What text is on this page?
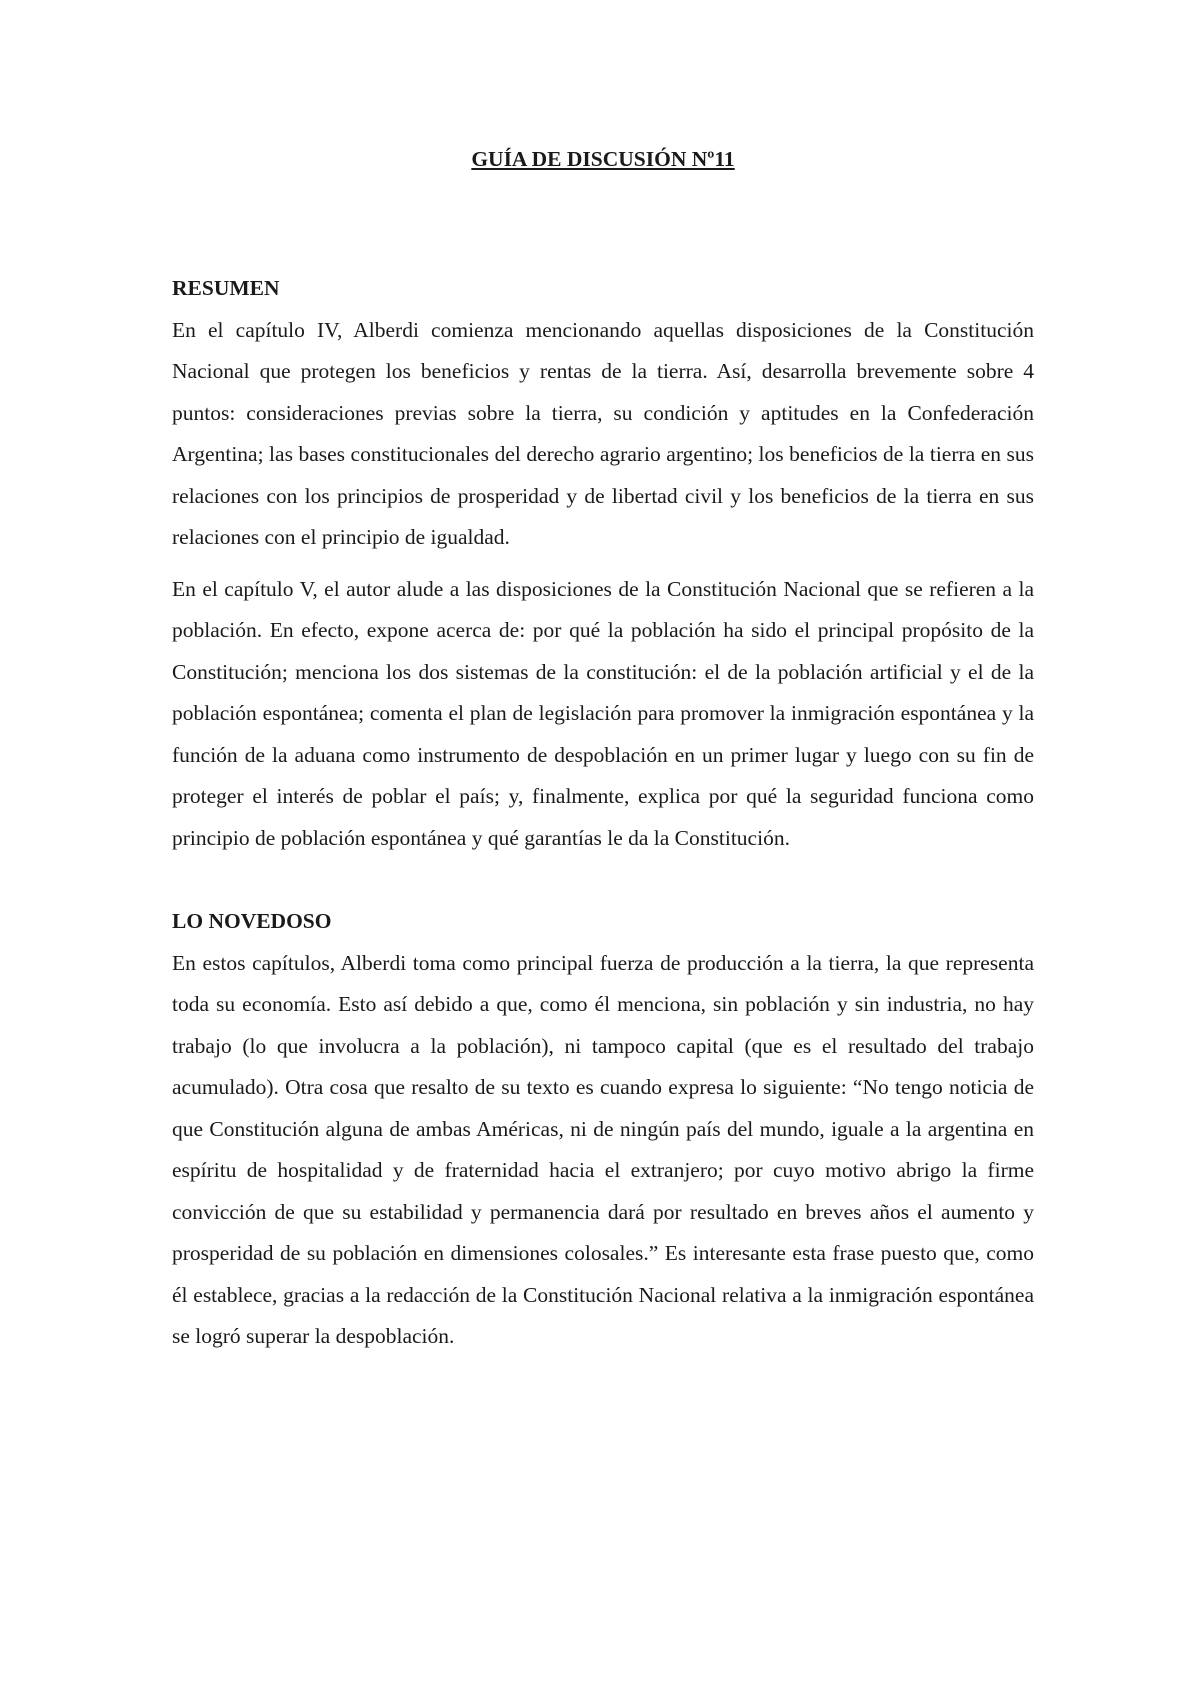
GUÍA DE DISCUSIÓN Nº11
RESUMEN

En el capítulo IV, Alberdi comienza mencionando aquellas disposiciones de la Constitución Nacional que protegen los beneficios y rentas de la tierra. Así, desarrolla brevemente sobre 4 puntos: consideraciones previas sobre la tierra, su condición y aptitudes en la Confederación Argentina; las bases constitucionales del derecho agrario argentino; los beneficios de la tierra en sus relaciones con los principios de prosperidad y de libertad civil y los beneficios de la tierra en sus relaciones con el principio de igualdad.

En el capítulo V, el autor alude a las disposiciones de la Constitución Nacional que se refieren a la población. En efecto, expone acerca de: por qué la población ha sido el principal propósito de la Constitución; menciona los dos sistemas de la constitución: el de la población artificial y el de la población espontánea; comenta el plan de legislación para promover la inmigración espontánea y la función de la aduana como instrumento de despoblación en un primer lugar y luego con su fin de proteger el interés de poblar el país; y, finalmente, explica por qué la seguridad funciona como principio de población espontánea y qué garantías le da la Constitución.

LO NOVEDOSO

En estos capítulos, Alberdi toma como principal fuerza de producción a la tierra, la que representa toda su economía. Esto así debido a que, como él menciona, sin población y sin industria, no hay trabajo (lo que involucra a la población), ni tampoco capital (que es el resultado del trabajo acumulado). Otra cosa que resalto de su texto es cuando expresa lo siguiente: “No tengo noticia de que Constitución alguna de ambas Américas, ni de ningún país del mundo, iguale a la argentina en espíritu de hospitalidad y de fraternidad hacia el extranjero; por cuyo motivo abrigo la firme convicción de que su estabilidad y permanencia dará por resultado en breves años el aumento y prosperidad de su población en dimensiones colosales.” Es interesante esta frase puesto que, como él establece, gracias a la redacción de la Constitución Nacional relativa a la inmigración espontánea se logró superar la despoblación.
